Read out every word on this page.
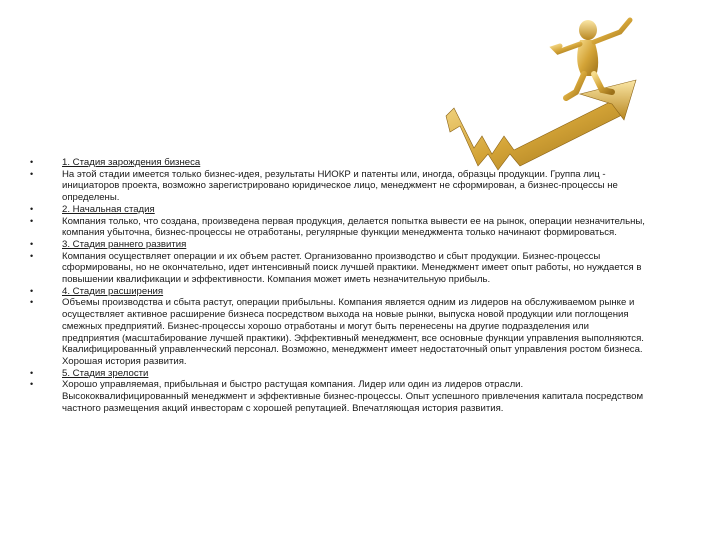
•	1. Стадия зарождения бизнеса
•	На этой стадии имеется только бизнес-идея, результаты НИОКР и патенты или, иногда, образцы продукции. Группа лиц - инициаторов проекта, возможно зарегистрировано юридическое лицо, менеджмент не сформирован, а бизнес-процессы не определены.
•	2. Начальная стадия
•	Компания только, что создана, произведена первая продукция, делается попытка вывести ее на рынок, операции незначительны, компания убыточна, бизнес-процессы не отработаны, регулярные функции менеджмента только начинают формироваться.
•	3. Стадия раннего развития
•	Компания осуществляет операции и их объем растет. Организованно производство и сбыт продукции. Бизнес-процессы сформированы, но не окончательно, идет интенсивный поиск лучшей практики. Менеджмент имеет опыт работы, но нуждается в повышении квалификации и эффективности. Компания может иметь незначительную прибыль.
•	4. Стадия расширения
•	Объемы производства и сбыта растут, операции прибыльны. Компания является одним из лидеров на обслуживаемом рынке и осуществляет активное расширение бизнеса посредством выхода на новые рынки, выпуска новой продукции или поглощения смежных предприятий. Бизнес-процессы хорошо отработаны и могут быть перенесены на другие подразделения или предприятия (масштабирование лучшей практики). Эффективный менеджмент, все основные функции управления выполняются. Квалифицированный управленческий персонал. Возможно, менеджмент имеет недостаточный опыт управления ростом бизнеса. Хорошая история развития.
•	5. Стадия зрелости
•	Хорошо управляемая, прибыльная и быстро растущая компания. Лидер или один из лидеров отрасли. Высококвалифицированный менеджмент и эффективные бизнес-процессы. Опыт успешного привлечения капитала посредством частного размещения акций инвесторам с хорошей репутацией. Впечатляющая история развития.
